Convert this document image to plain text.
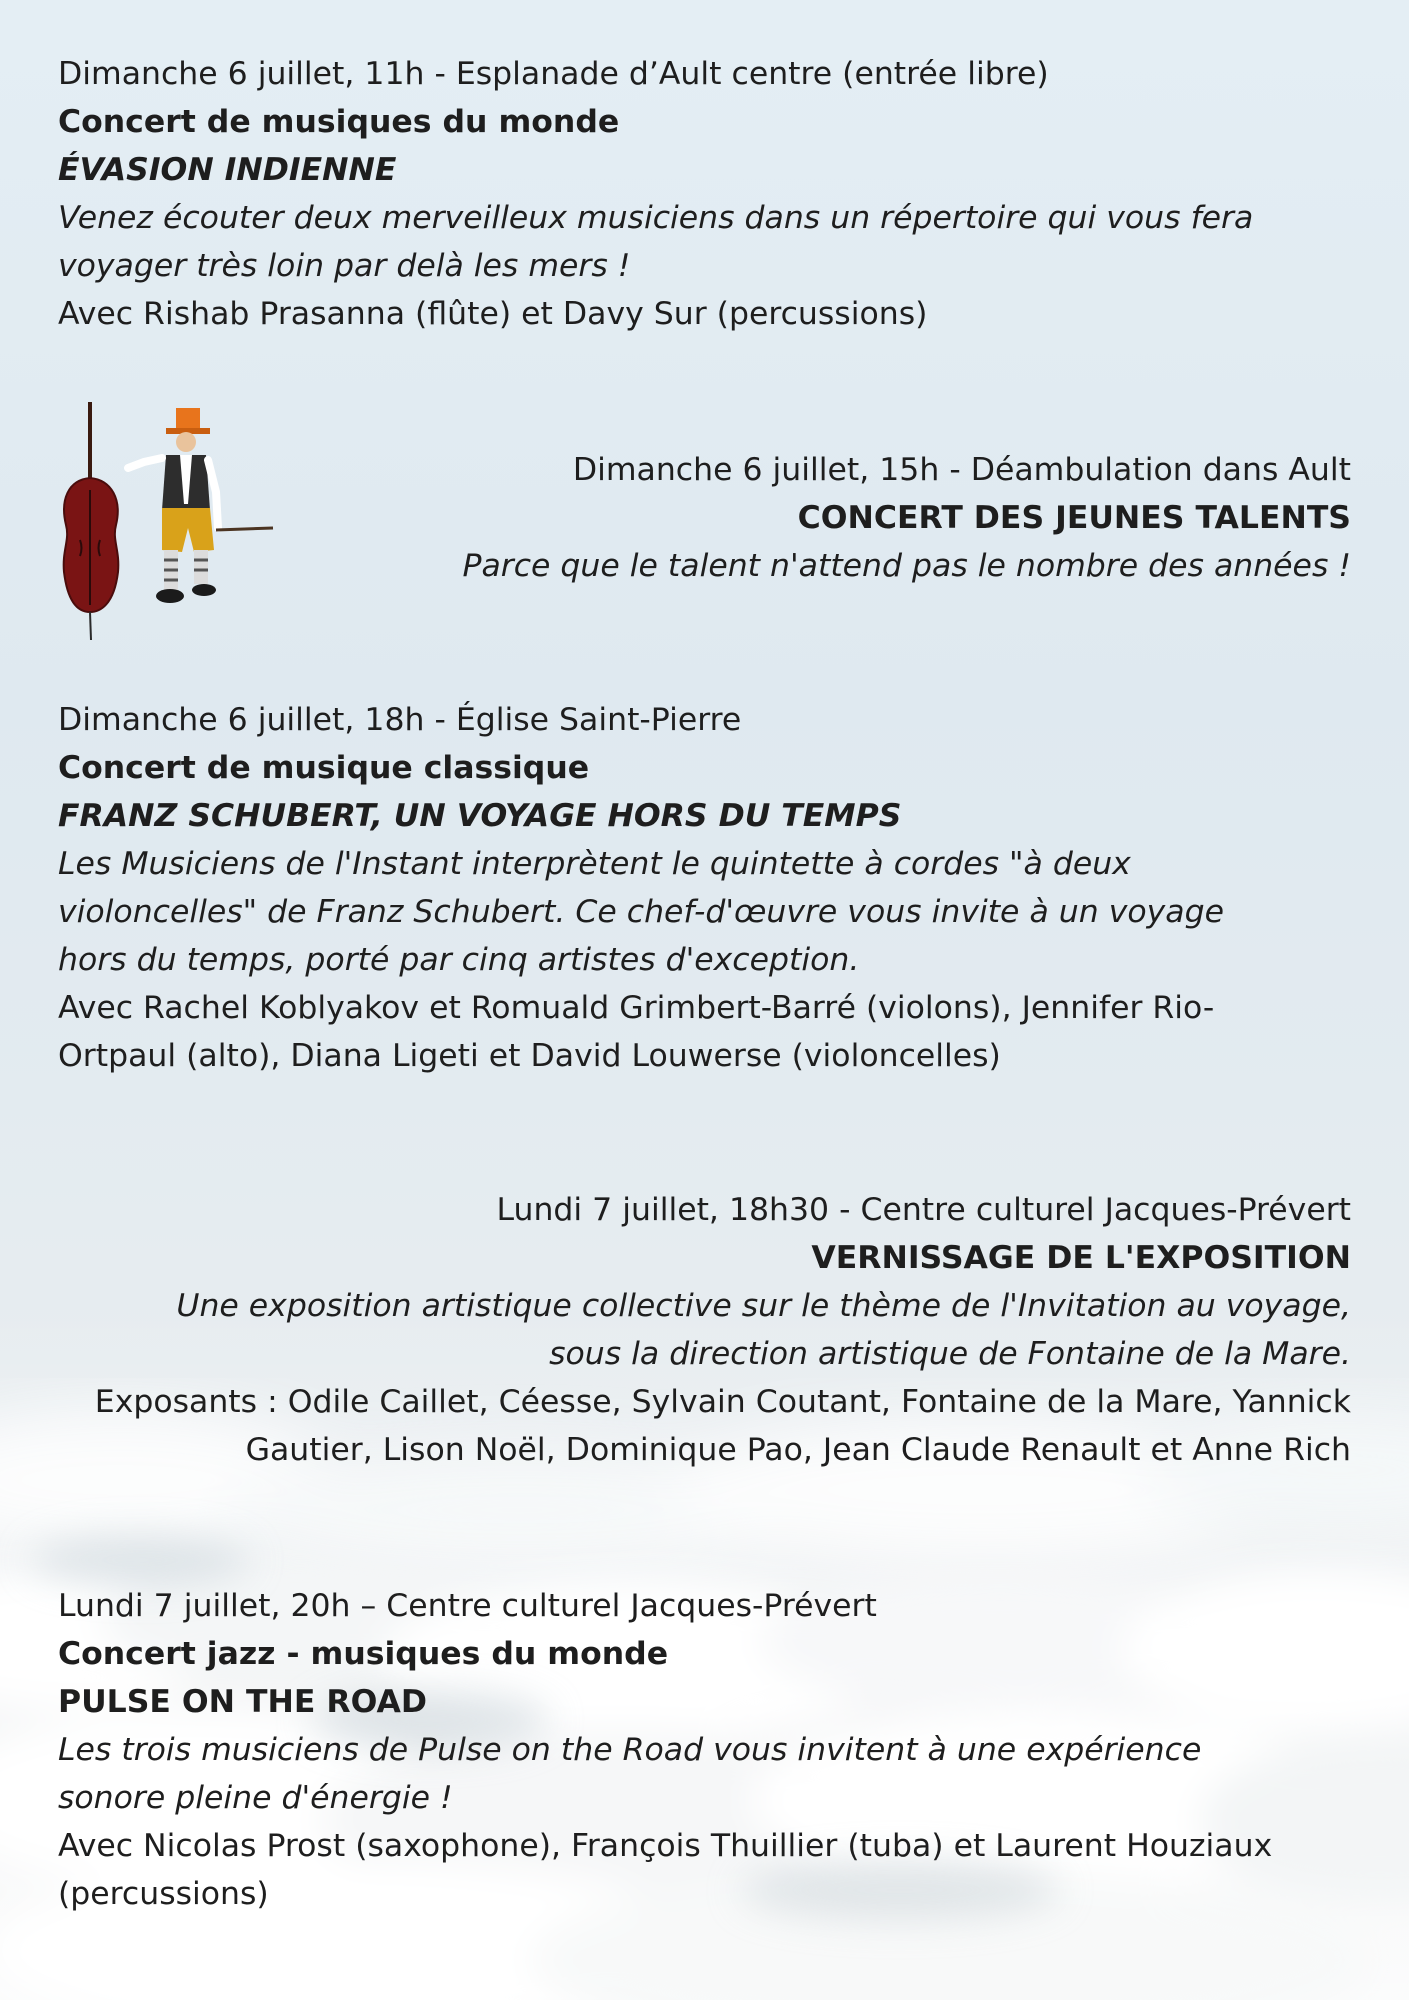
Dimanche 6 juillet, 11h - Esplanade d’Ault centre (entrée libre)
Concert de musiques du monde
ÉVASION INDIENNE
Venez écouter deux merveilleux musiciens dans un répertoire qui vous fera
voyager très loin par delà les mers !
Avec Rishab Prasanna (flûte) et Davy Sur (percussions)
Dimanche 6 juillet, 15h - Déambulation dans Ault
CONCERT DES JEUNES TALENTS
Parce que le talent n'attend pas le nombre des années !
Dimanche 6 juillet, 18h - Église Saint-Pierre
Concert de musique classique
FRANZ SCHUBERT, UN VOYAGE HORS DU TEMPS
Les Musiciens de l'Instant interprètent le quintette à cordes "à deux
violoncelles" de Franz Schubert. Ce chef-d'œuvre vous invite à un voyage
hors du temps, porté par cinq artistes d'exception.
Avec Rachel Koblyakov et Romuald Grimbert-Barré (violons), Jennifer Rio-
Ortpaul (alto), Diana Ligeti et David Louwerse (violoncelles)
Lundi 7 juillet, 18h30 - Centre culturel Jacques-Prévert
VERNISSAGE DE L'EXPOSITION
Une exposition artistique collective sur le thème de l'Invitation au voyage,
sous la direction artistique de Fontaine de la Mare.
Exposants : Odile Caillet, Céesse, Sylvain Coutant, Fontaine de la Mare, Yannick
Gautier, Lison Noël, Dominique Pao, Jean Claude Renault et Anne Rich
Lundi 7 juillet, 20h – Centre culturel Jacques-Prévert
Concert jazz - musiques du monde
PULSE ON THE ROAD
Les trois musiciens de Pulse on the Road vous invitent à une expérience
sonore pleine d'énergie !
Avec Nicolas Prost (saxophone), François Thuillier (tuba) et Laurent Houziaux
(percussions)
